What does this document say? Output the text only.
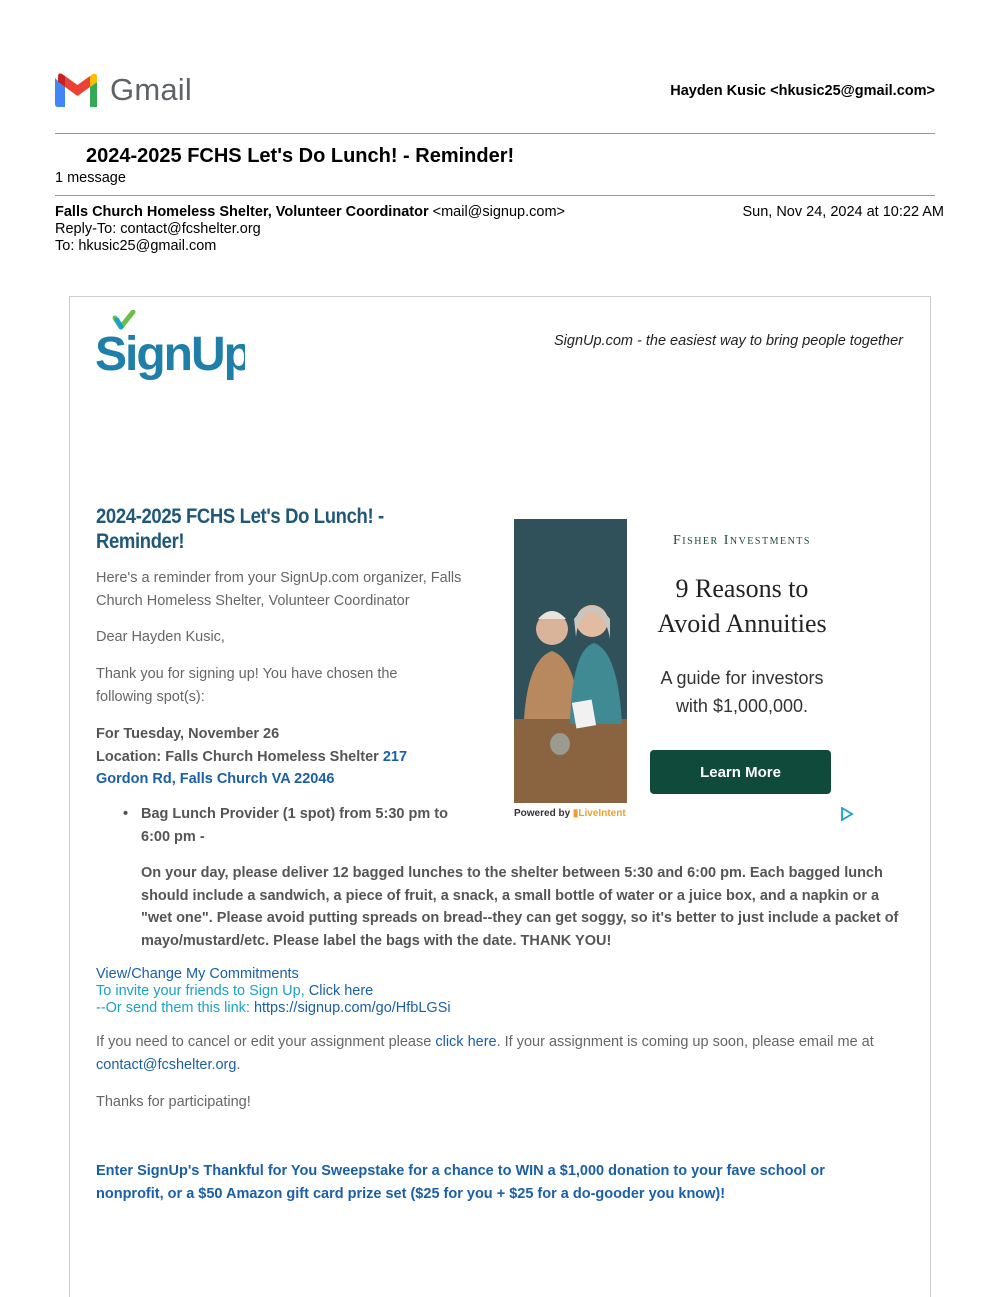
Gmail	Hayden Kusic <hkusic25@gmail.com>
2024-2025 FCHS Let's Do Lunch! - Reminder!
1 message
Falls Church Homeless Shelter, Volunteer Coordinator <mail@signup.com>	Sun, Nov 24, 2024 at 10:22 AM
Reply-To: contact@fcshelter.org
To: hkusic25@gmail.com
SignUp	SignUp.com - the easiest way to bring people together
2024-2025 FCHS Let's Do Lunch! - Reminder!
Here's a reminder from your SignUp.com organizer, Falls Church Homeless Shelter, Volunteer Coordinator
Dear Hayden Kusic,
Thank you for signing up! You have chosen the following spot(s):
For Tuesday, November 26
Location: Falls Church Homeless Shelter 217 Gordon Rd, Falls Church VA 22046
• Bag Lunch Provider (1 spot) from 5:30 pm to 6:00 pm -
On your day, please deliver 12 bagged lunches to the shelter between 5:30 and 6:00 pm. Each bagged lunch should include a sandwich, a piece of fruit, a snack, a small bottle of water or a juice box, and a napkin or a "wet one". Please avoid putting spreads on bread--they can get soggy, so it's better to just include a packet of mayo/mustard/etc. Please label the bags with the date. THANK YOU!
View/Change My Commitments
To invite your friends to Sign Up, Click here
--Or send them this link: https://signup.com/go/HfbLGSi
If you need to cancel or edit your assignment please click here. If your assignment is coming up soon, please email me at contact@fcshelter.org.
Thanks for participating!
Enter SignUp's Thankful for You Sweepstake for a chance to WIN a $1,000 donation to your fave school or nonprofit, or a $50 Amazon gift card prize set ($25 for you + $25 for a do-gooder you know)!
Fisher Investments
9 Reasons to Avoid Annuities
A guide for investors with $1,000,000.
Learn More
Powered by ▮LiveIntent
